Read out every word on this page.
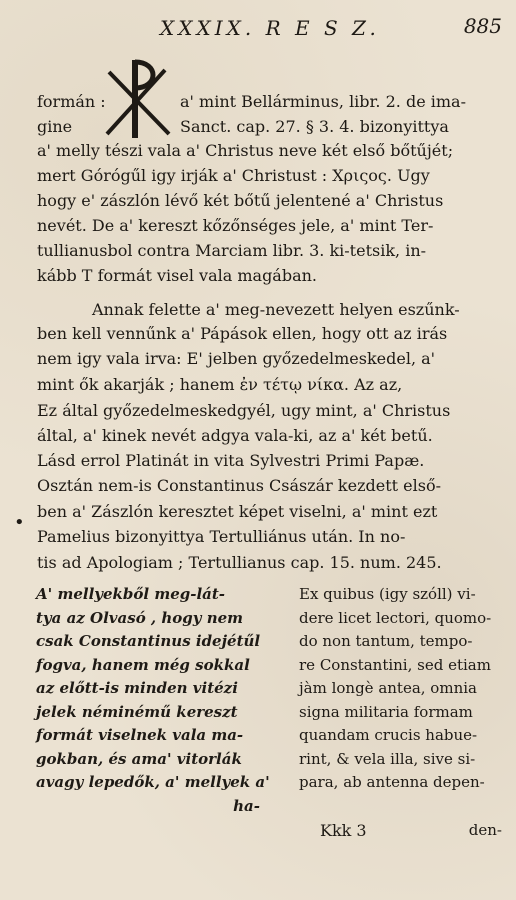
XXXIX. R E S Z.	885
formán :	a' mint Bellárminus, libr. 2. de ima-
gine	Sanct. cap. 27. § 3. 4. bizonyittya
a' melly tészi vala a' Christus neve két első bőtűjét;
mert Górógűl igy irják a' Christust : Χριςος. Ugy
hogy e' zászlón lévő két bőtű jelentené a' Christus
nevét. De a' kereszt kőzőnséges jele, a' mint Ter-
tullianusbol contra Marciam libr. 3. ki-tetsik, in-
kább T formát visel vala magában.
Annak felette a' meg-nevezett helyen eszűnk-
ben kell vennűnk a' Pápások ellen, hogy ott az irás
nem igy vala irva: E' jelben győzedelmeskedel, a'
mint ők akarják ; hanem ἐν τέτῳ νίκα. Az az,
Ez által győzedelmeskedgyél, ugy mint, a' Christus
által, a' kinek nevét adgya vala-ki, az a' két betű.
Lásd errol Platinát in vita Sylvestri Primi Papæ.
Osztán nem-is Constantinus Császár kezdett első-
ben a' Zászlón keresztet képet viselni, a' mint ezt
Pamelius bizonyittya Tertulliánus után. In no-
tis ad Apologiam ; Tertullianus cap. 15. num. 245.
•
A' mellyekből meg-lát-
tya az Olvasó , hogy nem
csak Constantinus idejétűl
fogva, hanem még sokkal
az előtt-is minden vitézi
jelek néminémű kereszt
formát viselnek vala ma-
gokban, és ama' vitorlák
avagy lepedők, a' mellyek a'
ha-
Ex quibus (igy szóll) vi-
dere licet lectori, quomo-
do non tantum, tempo-
re Constantini, sed etiam
jàm longè antea, omnia
signa militaria formam
quandam crucis habue-
rint, & vela illa, sive si-
para, ab antenna depen-
Kkk 3	den-
